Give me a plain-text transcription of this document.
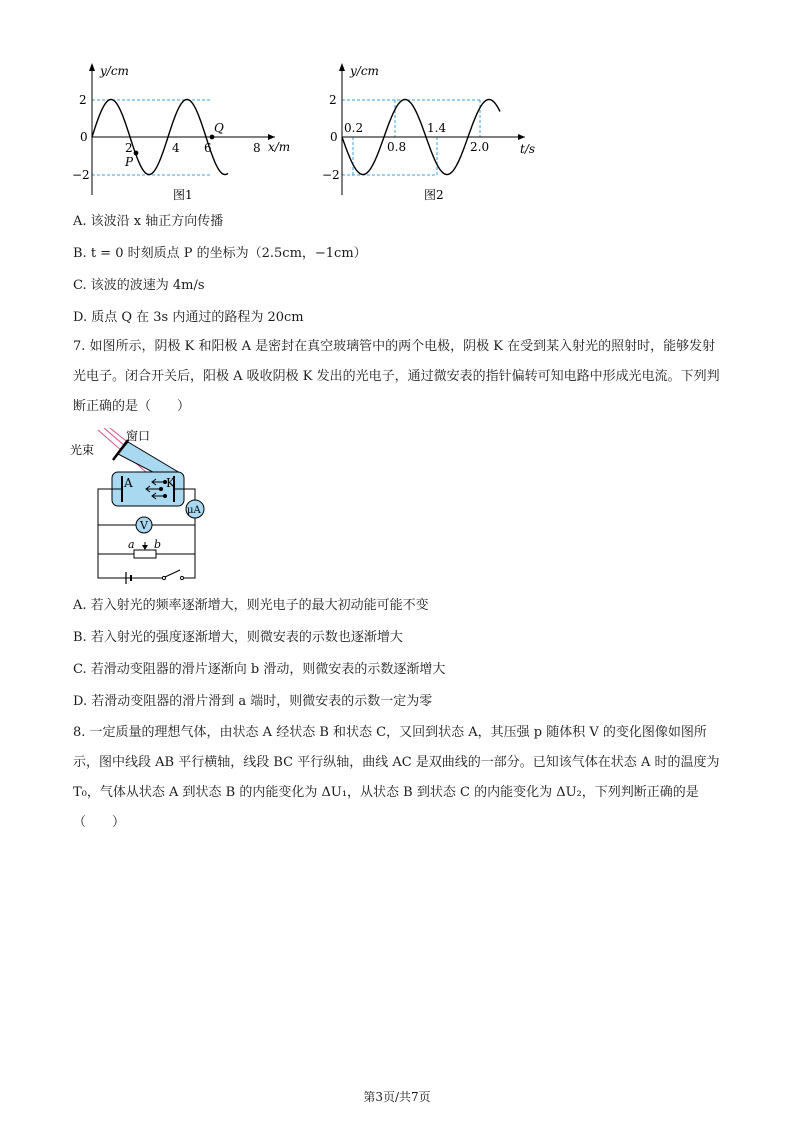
y/cm
x/m
2
0
−2
2	4 6	8
P
Q
图1
y/cm
t/s
2
0
−2
0.2
0.8
1.4
2.0
图2
A. 该波沿 x 轴正方向传播
B. t = 0 时刻质点 P 的坐标为（2.5cm，−1cm）
C. 该波的波速为 4m/s
D. 质点 Q 在 3s 内通过的路程为 20cm
7. 如图所示，阴极 K 和阳极 A 是密封在真空玻璃管中的两个电极，阴极 K 在受到某入射光的照射时，能够发射光电子。闭合开关后，阳极 A 吸收阴极 K 发出的光电子，通过微安表的指针偏转可知电路中形成光电流。下列判断正确的是（　　）
光束
窗口
A	K
μA
V
a b
A. 若入射光的频率逐渐增大，则光电子的最大初动能可能不变
B. 若入射光的强度逐渐增大，则微安表的示数也逐渐增大
C. 若滑动变阻器的滑片逐渐向 b 滑动，则微安表的示数逐渐增大
D. 若滑动变阻器的滑片滑到 a 端时，则微安表的示数一定为零
8. 一定质量的理想气体，由状态 A 经状态 B 和状态 C，又回到状态 A，其压强 p 随体积 V 的变化图像如图所示，图中线段 AB 平行横轴，线段 BC 平行纵轴，曲线 AC 是双曲线的一部分。已知该气体在状态 A 时的温度为 T₀，气体从状态 A 到状态 B 的内能变化为 ΔU₁，从状态 B 到状态 C 的内能变化为 ΔU₂，下列判断正确的是（　　）
第3页/共7页
